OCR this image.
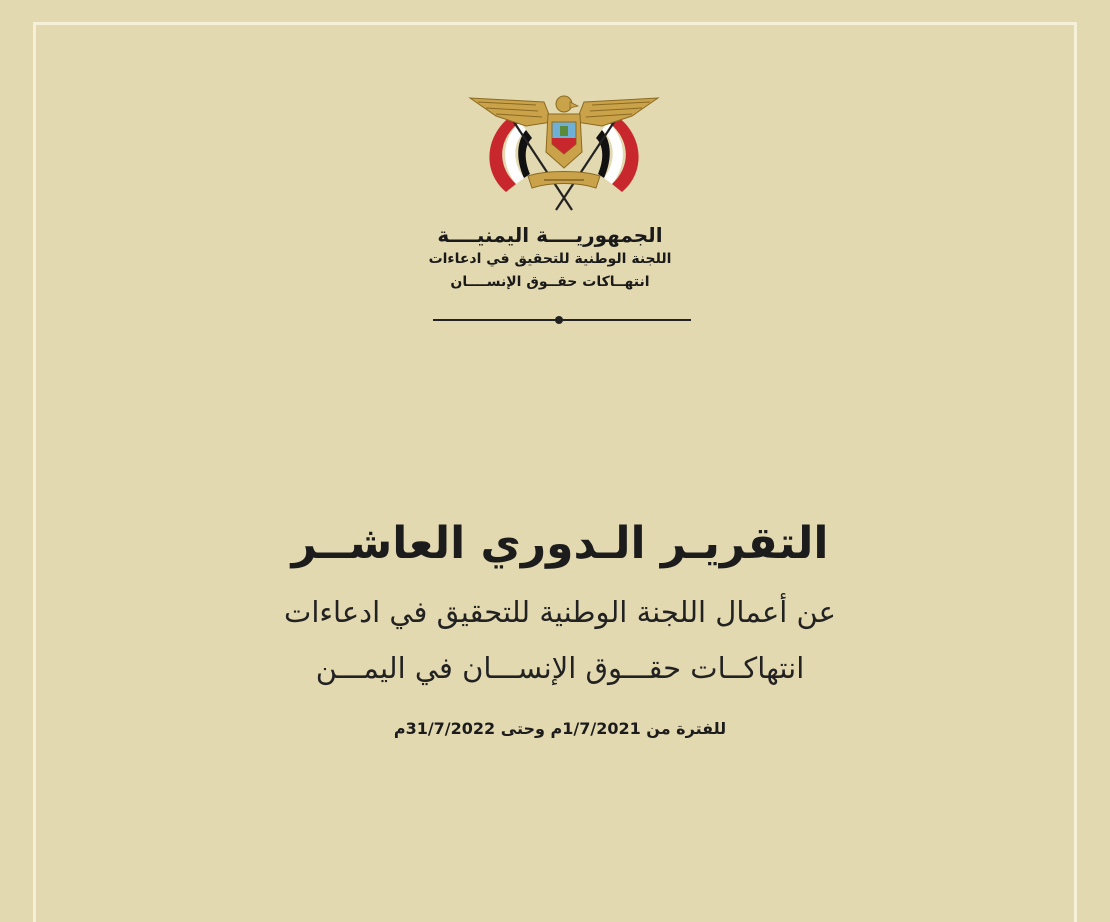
الجمهوريــــة اليمنيــــة
اللجنة الوطنية للتحقيق في ادعاءات
انتهــاكات حقــوق الإنســــان
التقريـر الـدوري العاشــر
عن أعمال اللجنة الوطنية للتحقيق في ادعاءات
انتهاكــات حقـــوق الإنســـان في اليمـــن
للفترة من 1/7/2021م وحتى 31/7/2022م
